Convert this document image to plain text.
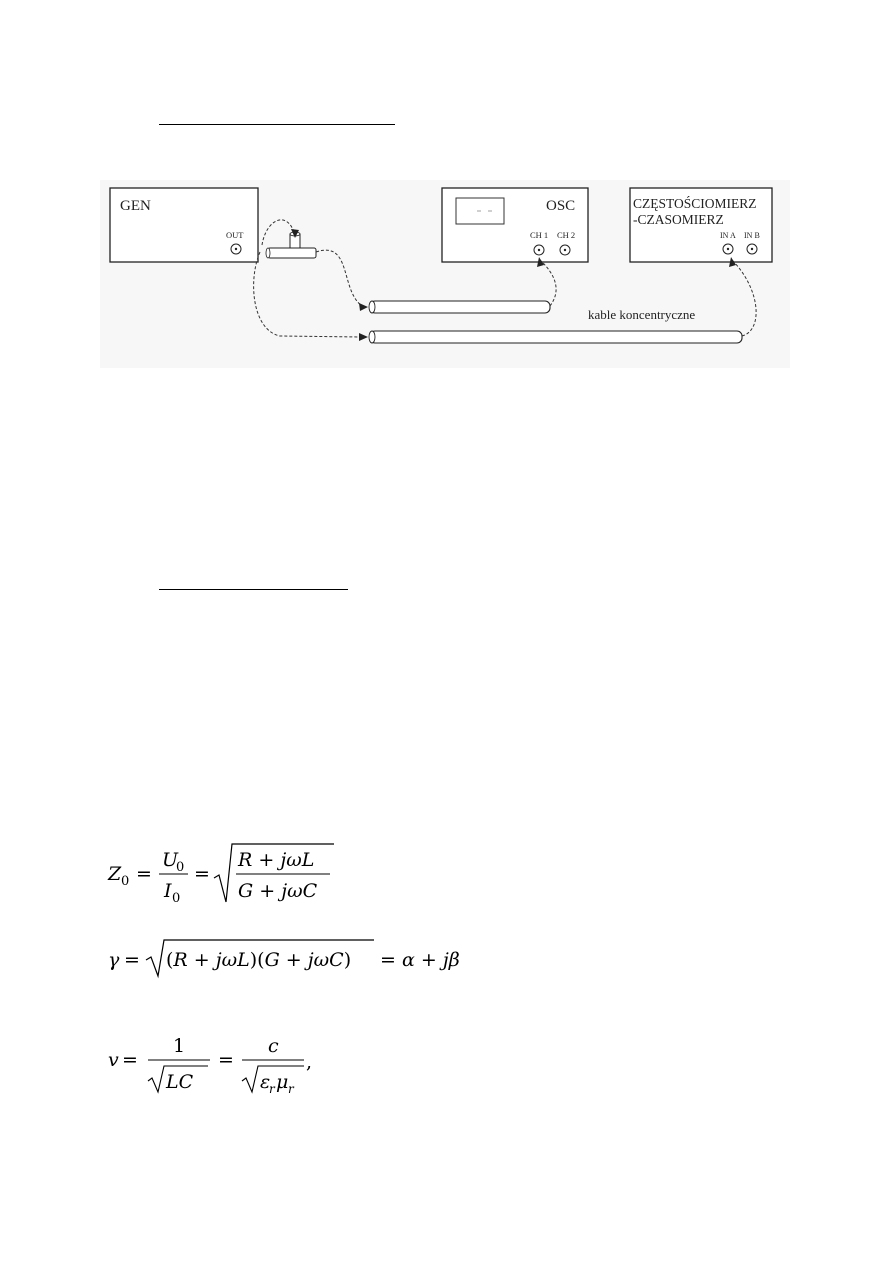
GEN
OUT
OSC
CH 1 CH 2
CZĘSTOŚCIOMIERZ
-CZASOMIERZ
IN A IN B
kable koncentryczne
Z 0 =
U
0
I 0
=
R + jωL
G + jωC
γ = (R + jωL)(G + jωC) = α + jβ
v =
1
LC
=
c
ε
r μ r
,
